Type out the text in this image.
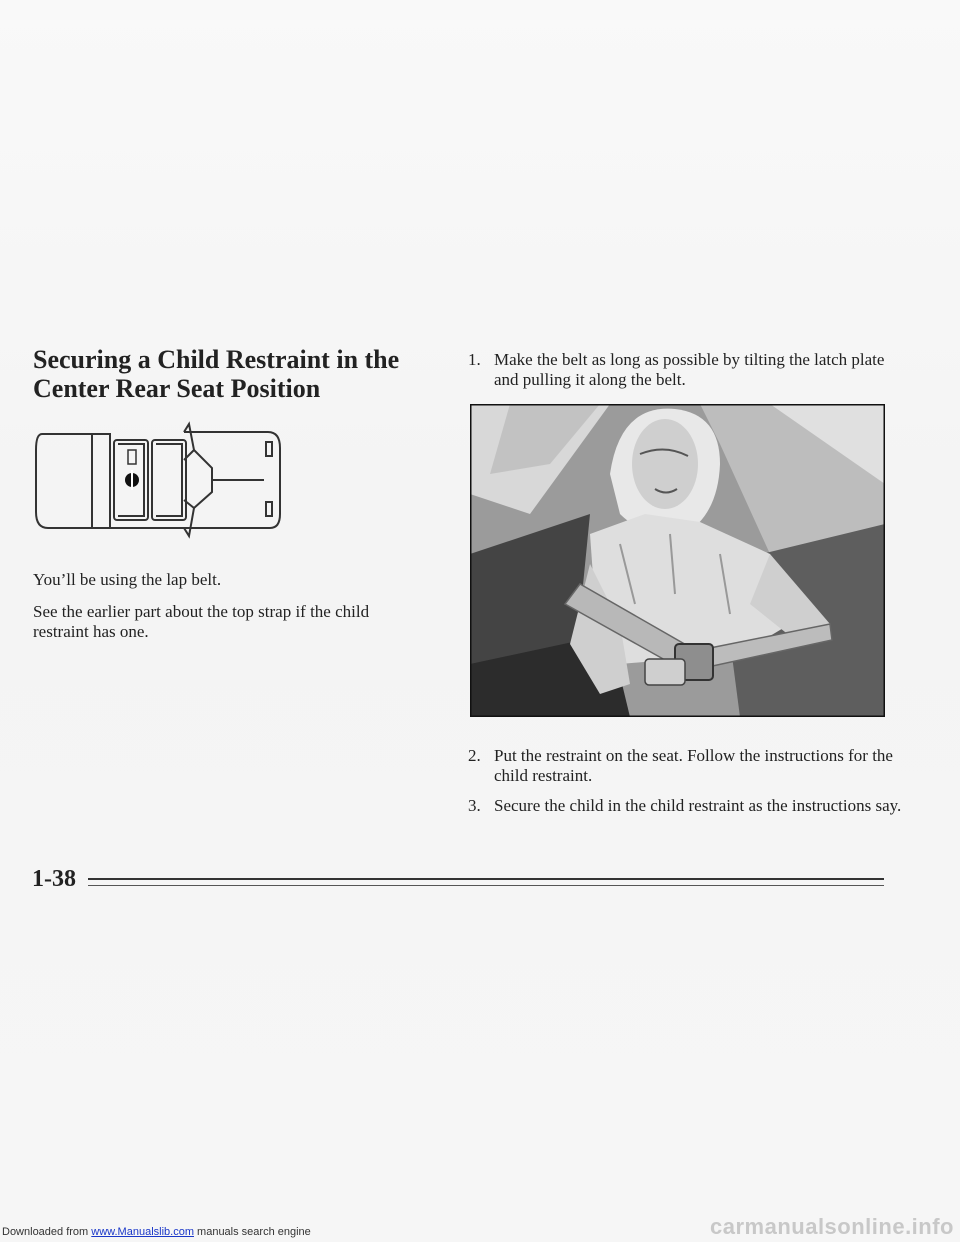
Securing a Child Restraint in the Center Rear Seat Position

You’ll be using the lap belt.

See the earlier part about the top strap if the child restraint has one.

1. Make the belt as long as possible by tilting the latch plate and pulling it along the belt.
2. Put the restraint on the seat. Follow the instructions for the child restraint.
3. Secure the child in the child restraint as the instructions say.
1-38
Downloaded from www.Manualslib.com manuals search engine	carmanualsonline.info
